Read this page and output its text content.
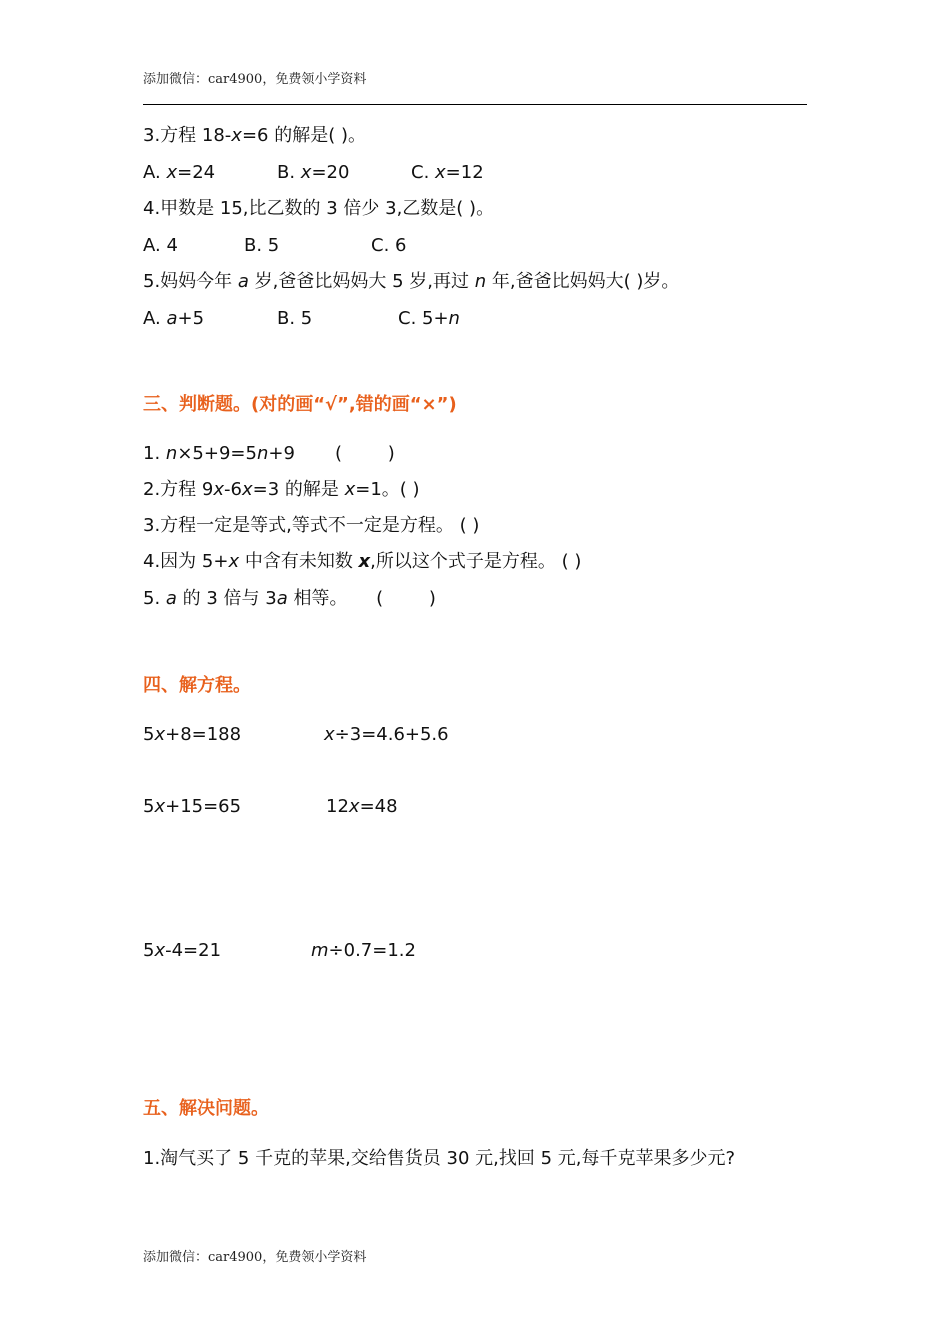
添加微信：car4900，免费领小学资料
3.方程 18-x=6 的解是( )。
A. x=24	B. x=20	C. x=12
4.甲数是 15,比乙数的 3 倍少 3,乙数是( )。
A. 4	B. 5	C. 6
5.妈妈今年 a 岁,爸爸比妈妈大 5 岁,再过 n 年,爸爸比妈妈大( )岁。
A. a+5	B. 5	C. 5+n
三、判断题。(对的画“√”,错的画“×”)
1. n×5+9=5n+9       (        )
2.方程 9x-6x=3 的解是 x=1。( )
3.方程一定是等式,等式不一定是方程。 ( )
4.因为 5+x 中含有未知数 x,所以这个式子是方程。 ( )
5. a 的 3 倍与 3a 相等。     (        )
四、解方程。
5x+8=188	x÷3=4.6+5.6
5x+15=65	12x=48
5x-4=21	m÷0.7=1.2
五、解决问题。
1.淘气买了 5 千克的苹果,交给售货员 30 元,找回 5 元,每千克苹果多少元?
添加微信：car4900，免费领小学资料
